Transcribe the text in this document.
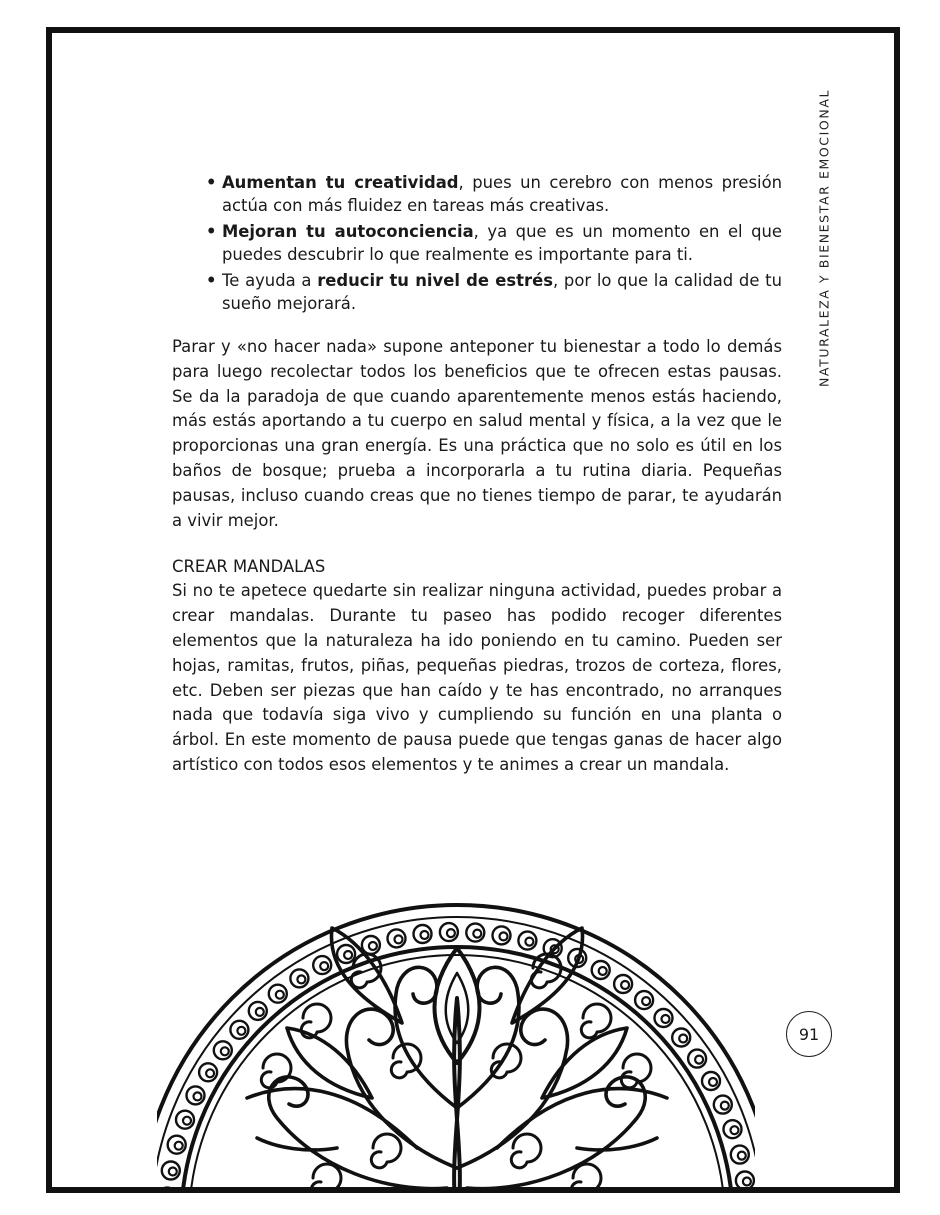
NATURALEZA Y BIENESTAR EMOCIONAL
• Aumentan tu creatividad, pues un cerebro con menos presión actúa con más fluidez en tareas más creativas.
• Mejoran tu autoconciencia, ya que es un momento en el que puedes descubrir lo que realmente es importante para ti.
• Te ayuda a reducir tu nivel de estrés, por lo que la calidad de tu sueño mejorará.

Parar y «no hacer nada» supone anteponer tu bienestar a todo lo demás para luego recolectar todos los beneficios que te ofrecen estas pausas. Se da la paradoja de que cuando aparentemente menos estás haciendo, más estás aportando a tu cuerpo en salud mental y física, a la vez que le proporcionas una gran energía. Es una práctica que no solo es útil en los baños de bosque; prueba a incorporarla a tu rutina diaria. Pequeñas pausas, incluso cuando creas que no tienes tiempo de parar, te ayudarán a vivir mejor.

CREAR MANDALAS

Si no te apetece quedarte sin realizar ninguna actividad, puedes probar a crear mandalas. Durante tu paseo has podido recoger diferentes elementos que la naturaleza ha ido poniendo en tu camino. Pueden ser hojas, ramitas, frutos, piñas, pequeñas piedras, trozos de corteza, flores, etc. Deben ser piezas que han caído y te has encontrado, no arranques nada que todavía siga vivo y cumpliendo su función en una planta o árbol. En este momento de pausa puede que tengas ganas de hacer algo artístico con todos esos elementos y te animes a crear un mandala.

91
